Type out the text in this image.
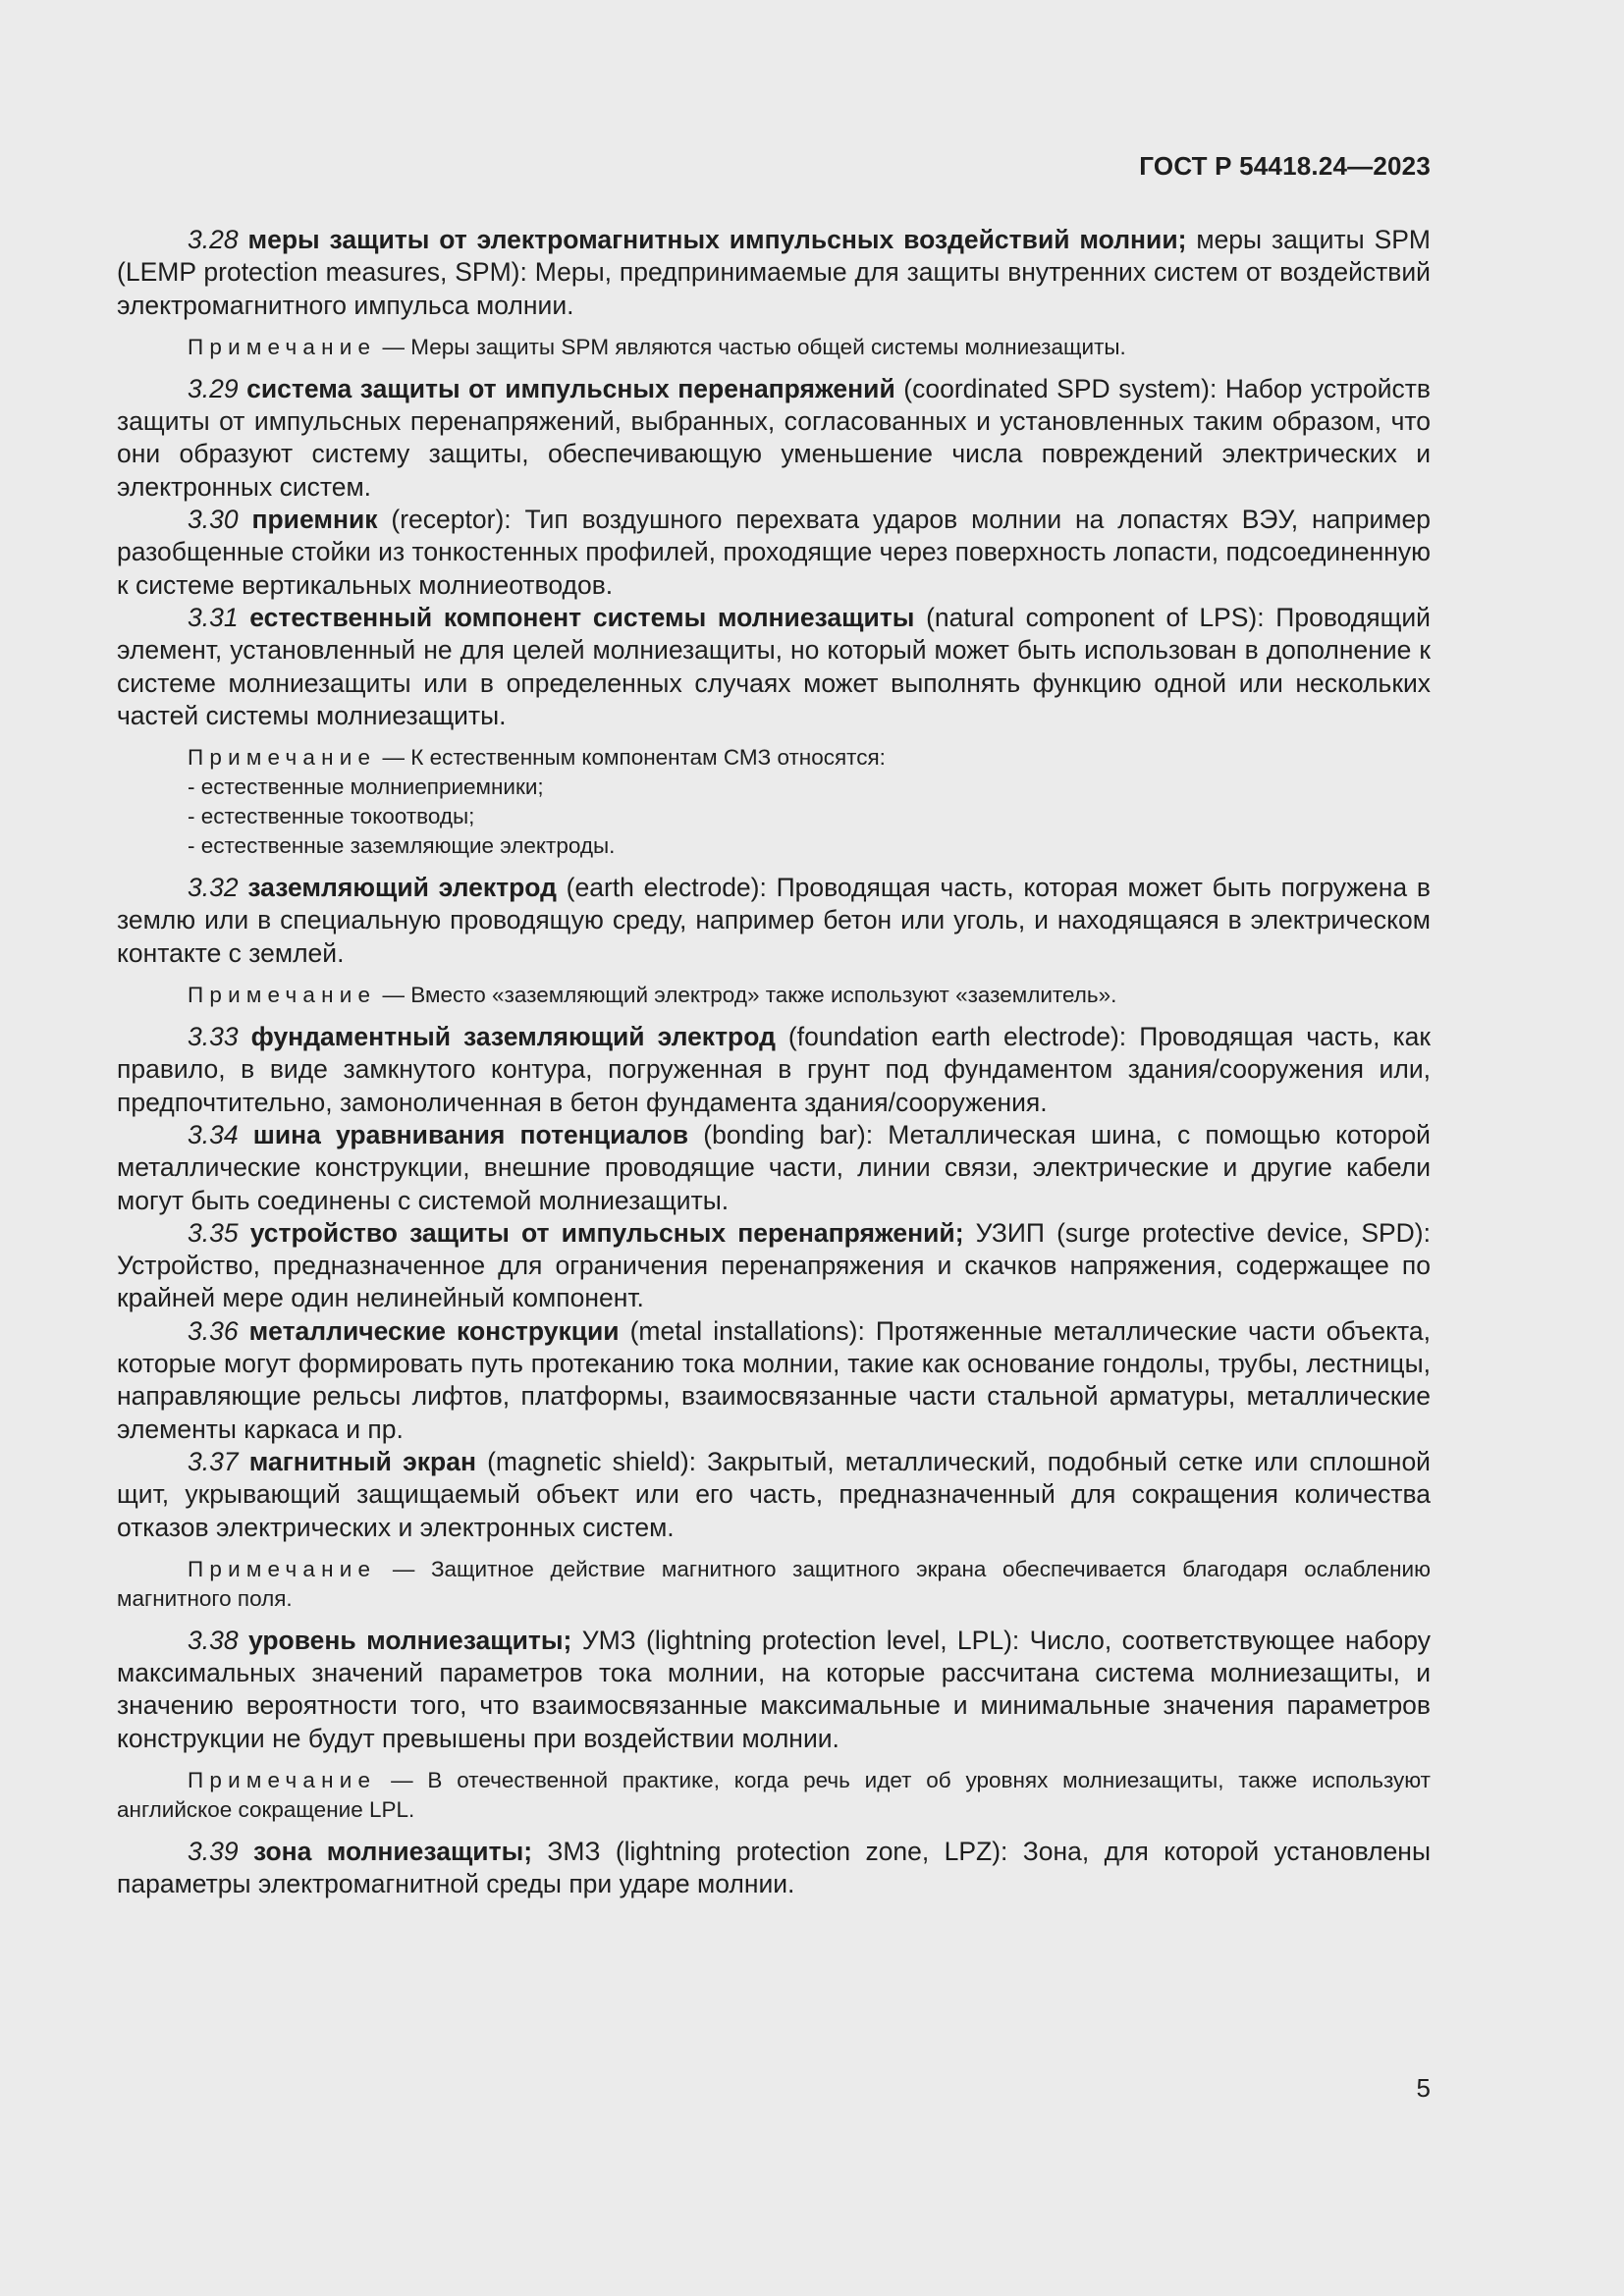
ГОСТ Р 54418.24—2023

3.28 меры защиты от электромагнитных импульсных воздействий молнии; меры защиты SPM (LEMP protection measures, SPM): Меры, предпринимаемые для защиты внутренних систем от воздействий электромагнитного импульса молнии.

Примечание — Меры защиты SPM являются частью общей системы молниезащиты.

3.29 система защиты от импульсных перенапряжений (coordinated SPD system): Набор устройств защиты от импульсных перенапряжений, выбранных, согласованных и установленных таким образом, что они образуют систему защиты, обеспечивающую уменьшение числа повреждений электрических и электронных систем.

3.30 приемник (receptor): Тип воздушного перехвата ударов молнии на лопастях ВЭУ, например разобщенные стойки из тонкостенных профилей, проходящие через поверхность лопасти, подсоединенную к системе вертикальных молниеотводов.

3.31 естественный компонент системы молниезащиты (natural component of LPS): Проводящий элемент, установленный не для целей молниезащиты, но который может быть использован в дополнение к системе молниезащиты или в определенных случаях может выполнять функцию одной или нескольких частей системы молниезащиты.

Примечание — К естественным компонентам СМЗ относятся:

- естественные молниеприемники;

- естественные токоотводы;

- естественные заземляющие электроды.

3.32 заземляющий электрод (earth electrode): Проводящая часть, которая может быть погружена в землю или в специальную проводящую среду, например бетон или уголь, и находящаяся в электрическом контакте с землей.

Примечание — Вместо «заземляющий электрод» также используют «заземлитель».

3.33 фундаментный заземляющий электрод (foundation earth electrode): Проводящая часть, как правило, в виде замкнутого контура, погруженная в грунт под фундаментом здания/сооружения или, предпочтительно, замоноличенная в бетон фундамента здания/сооружения.

3.34 шина уравнивания потенциалов (bonding bar): Металлическая шина, с помощью которой металлические конструкции, внешние проводящие части, линии связи, электрические и другие кабели могут быть соединены с системой молниезащиты.

3.35 устройство защиты от импульсных перенапряжений; УЗИП (surge protective device, SPD): Устройство, предназначенное для ограничения перенапряжения и скачков напряжения, содержащее по крайней мере один нелинейный компонент.

3.36 металлические конструкции (metal installations): Протяженные металлические части объекта, которые могут формировать путь протеканию тока молнии, такие как основание гондолы, трубы, лестницы, направляющие рельсы лифтов, платформы, взаимосвязанные части стальной арматуры, металлические элементы каркаса и пр.

3.37 магнитный экран (magnetic shield): Закрытый, металлический, подобный сетке или сплошной щит, укрывающий защищаемый объект или его часть, предназначенный для сокращения количества отказов электрических и электронных систем.

Примечание — Защитное действие магнитного защитного экрана обеспечивается благодаря ослаблению магнитного поля.

3.38 уровень молниезащиты; УМЗ (lightning protection level, LPL): Число, соответствующее набору максимальных значений параметров тока молнии, на которые рассчитана система молниезащиты, и значению вероятности того, что взаимосвязанные максимальные и минимальные значения параметров конструкции не будут превышены при воздействии молнии.

Примечание — В отечественной практике, когда речь идет об уровнях молниезащиты, также используют английское сокращение LPL.

3.39 зона молниезащиты; ЗМЗ (lightning protection zone, LPZ): Зона, для которой установлены параметры электромагнитной среды при ударе молнии.

5
